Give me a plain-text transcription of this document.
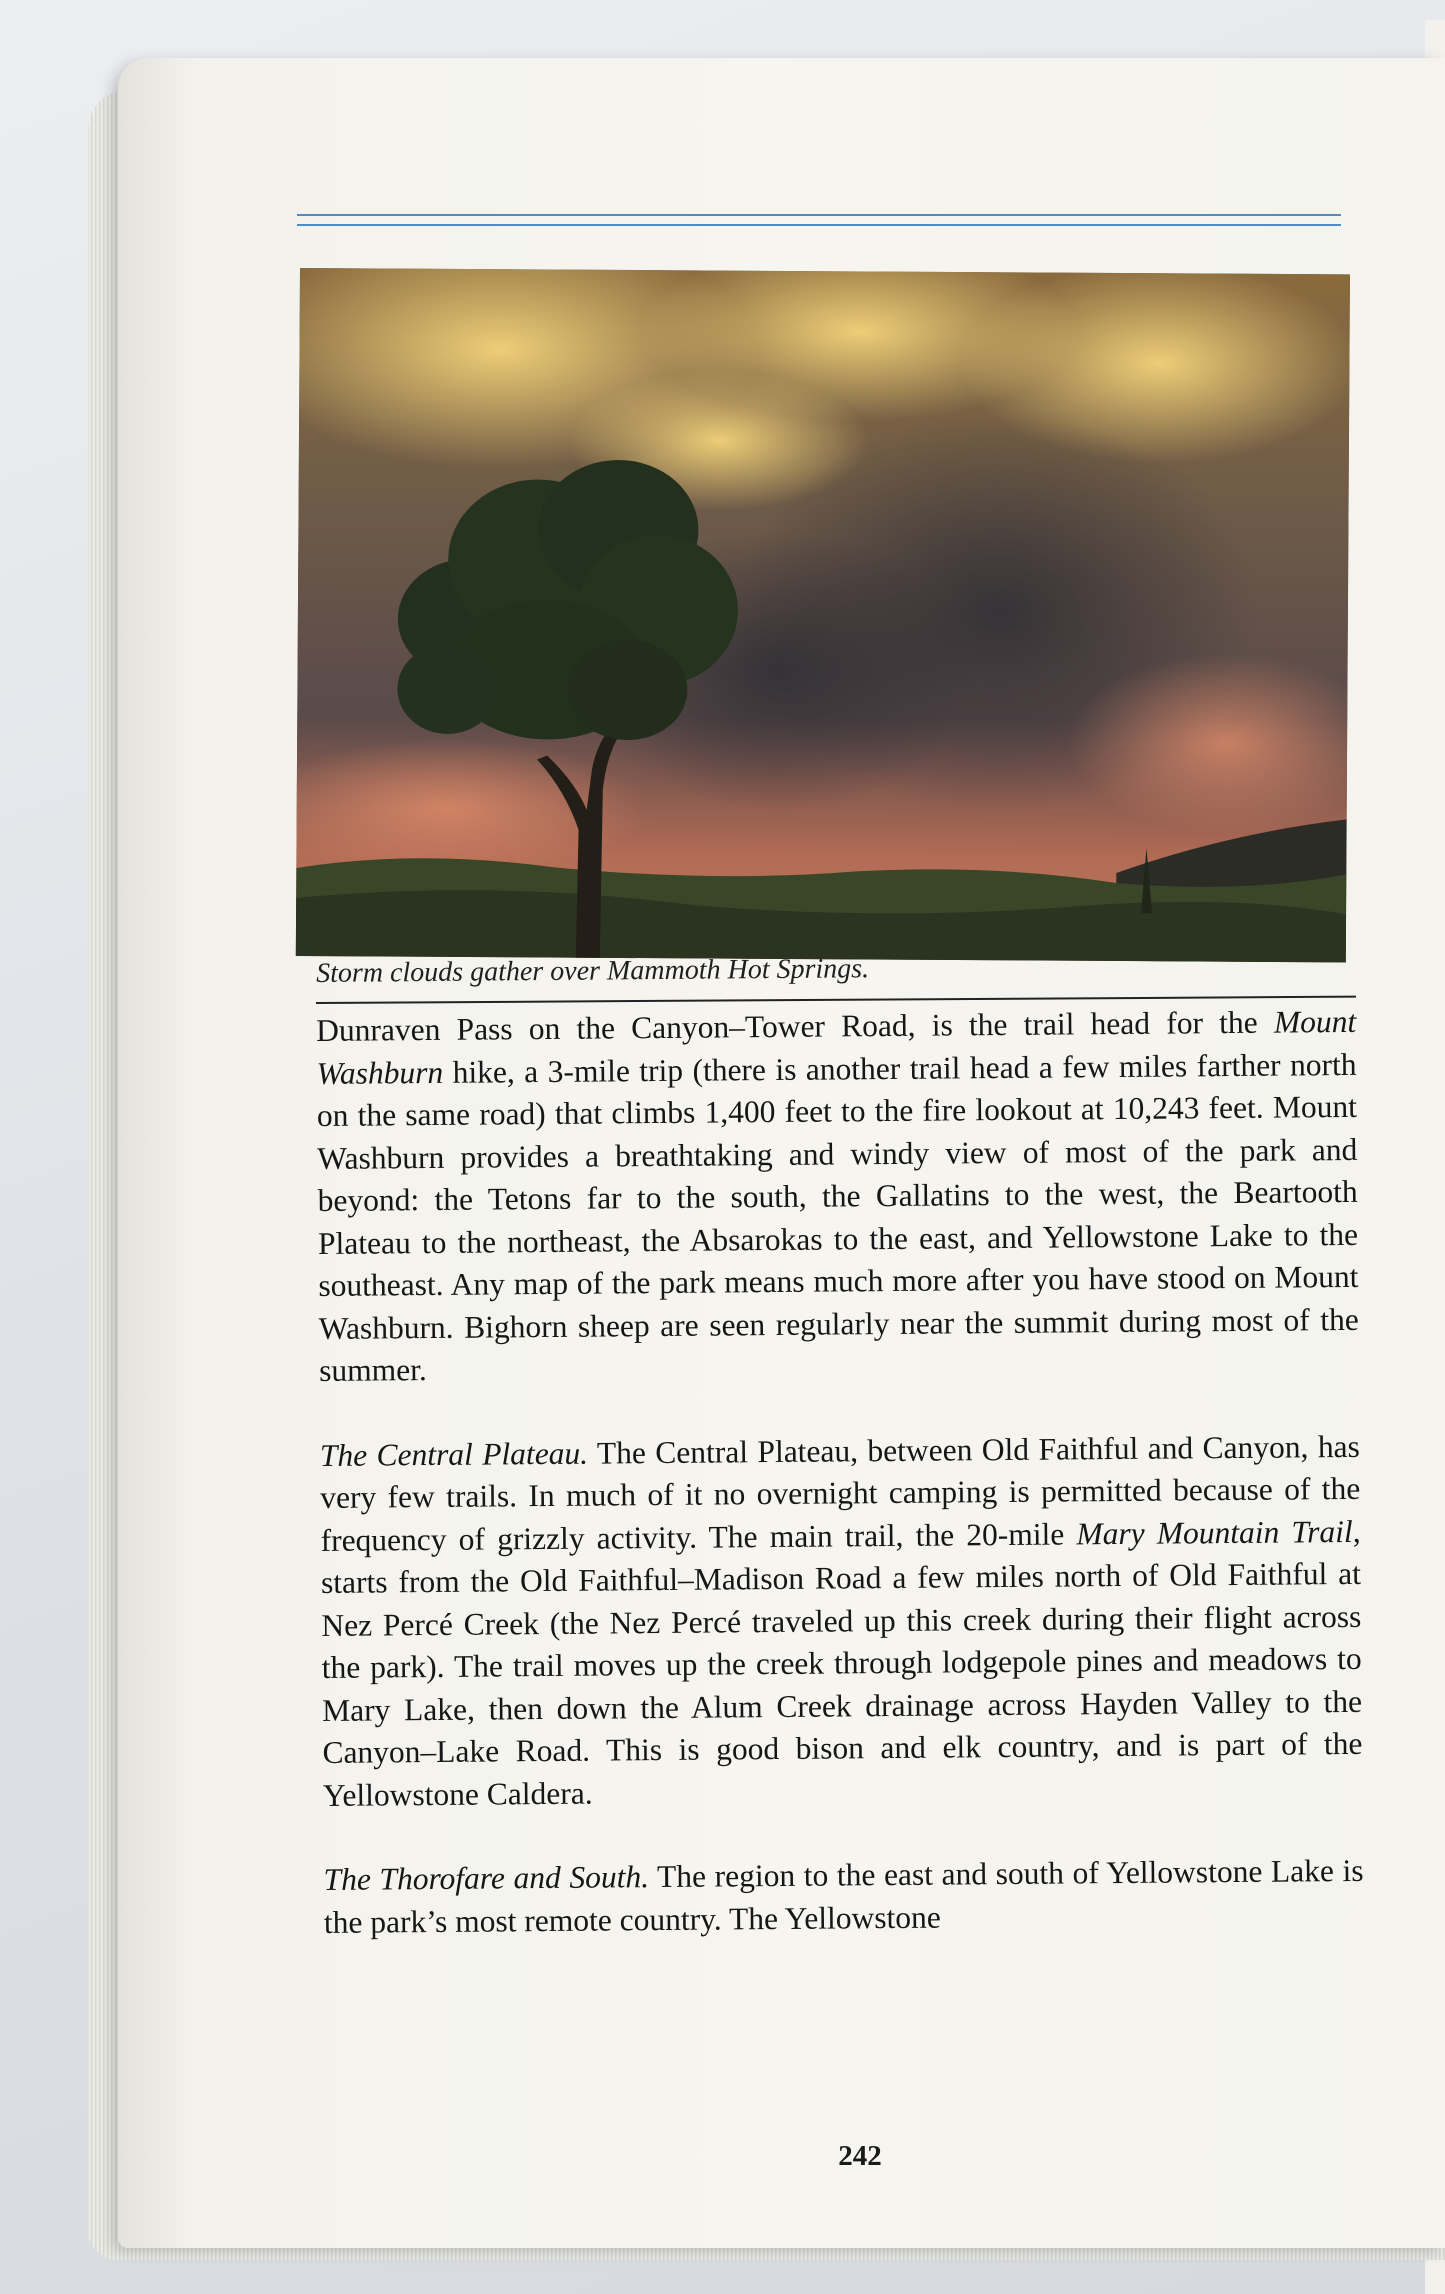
Storm clouds gather over Mammoth Hot Springs.

Dunraven Pass on the Canyon–Tower Road, is the trail head for the Mount Washburn hike, a 3-mile trip (there is another trail head a few miles farther north on the same road) that climbs 1,400 feet to the fire lookout at 10,243 feet. Mount Washburn provides a breathtaking and windy view of most of the park and beyond: the Tetons far to the south, the Gallatins to the west, the Beartooth Plateau to the northeast, the Absarokas to the east, and Yellowstone Lake to the southeast. Any map of the park means much more after you have stood on Mount Washburn. Bighorn sheep are seen regularly near the summit during most of the summer.

The Central Plateau. The Central Plateau, between Old Faithful and Canyon, has very few trails. In much of it no overnight camping is permitted because of the frequency of grizzly activity. The main trail, the 20-mile Mary Mountain Trail, starts from the Old Faithful–Madison Road a few miles north of Old Faithful at Nez Percé Creek (the Nez Percé traveled up this creek during their flight across the park). The trail moves up the creek through lodgepole pines and meadows to Mary Lake, then down the Alum Creek drainage across Hayden Valley to the Canyon–Lake Road. This is good bison and elk country, and is part of the Yellowstone Caldera.

The Thorofare and South. The region to the east and south of Yellowstone Lake is the park’s most remote country. The Yellowstone

242
